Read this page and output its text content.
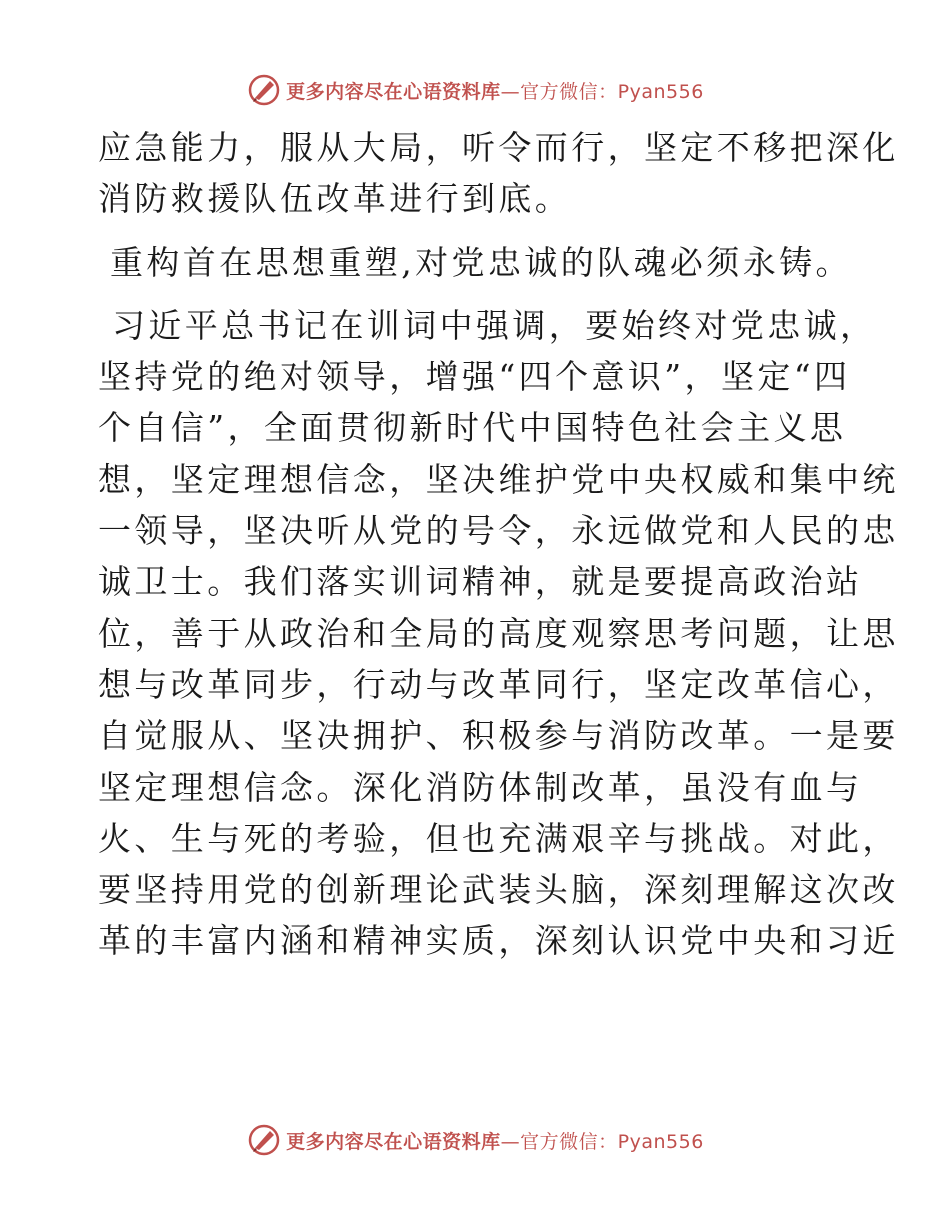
更多内容尽在心语资料库—官方微信：Pyan556
应急能力，服从大局，听令而行，坚定不移把深化
消防救援队伍改革进行到底。
重构首在思想重塑,对党忠诚的队魂必须永铸。
习近平总书记在训词中强调，要始终对党忠诚，
坚持党的绝对领导，增强“四个意识”，坚定“四
个自信”，全面贯彻新时代中国特色社会主义思
想，坚定理想信念，坚决维护党中央权威和集中统
一领导，坚决听从党的号令，永远做党和人民的忠
诚卫士。我们落实训词精神，就是要提高政治站
位，善于从政治和全局的高度观察思考问题，让思
想与改革同步，行动与改革同行，坚定改革信心，
自觉服从、坚决拥护、积极参与消防改革。一是要
坚定理想信念。深化消防体制改革，虽没有血与
火、生与死的考验，但也充满艰辛与挑战。对此，
要坚持用党的创新理论武装头脑，深刻理解这次改
革的丰富内涵和精神实质，深刻认识党中央和习近
更多内容尽在心语资料库—官方微信：Pyan556
